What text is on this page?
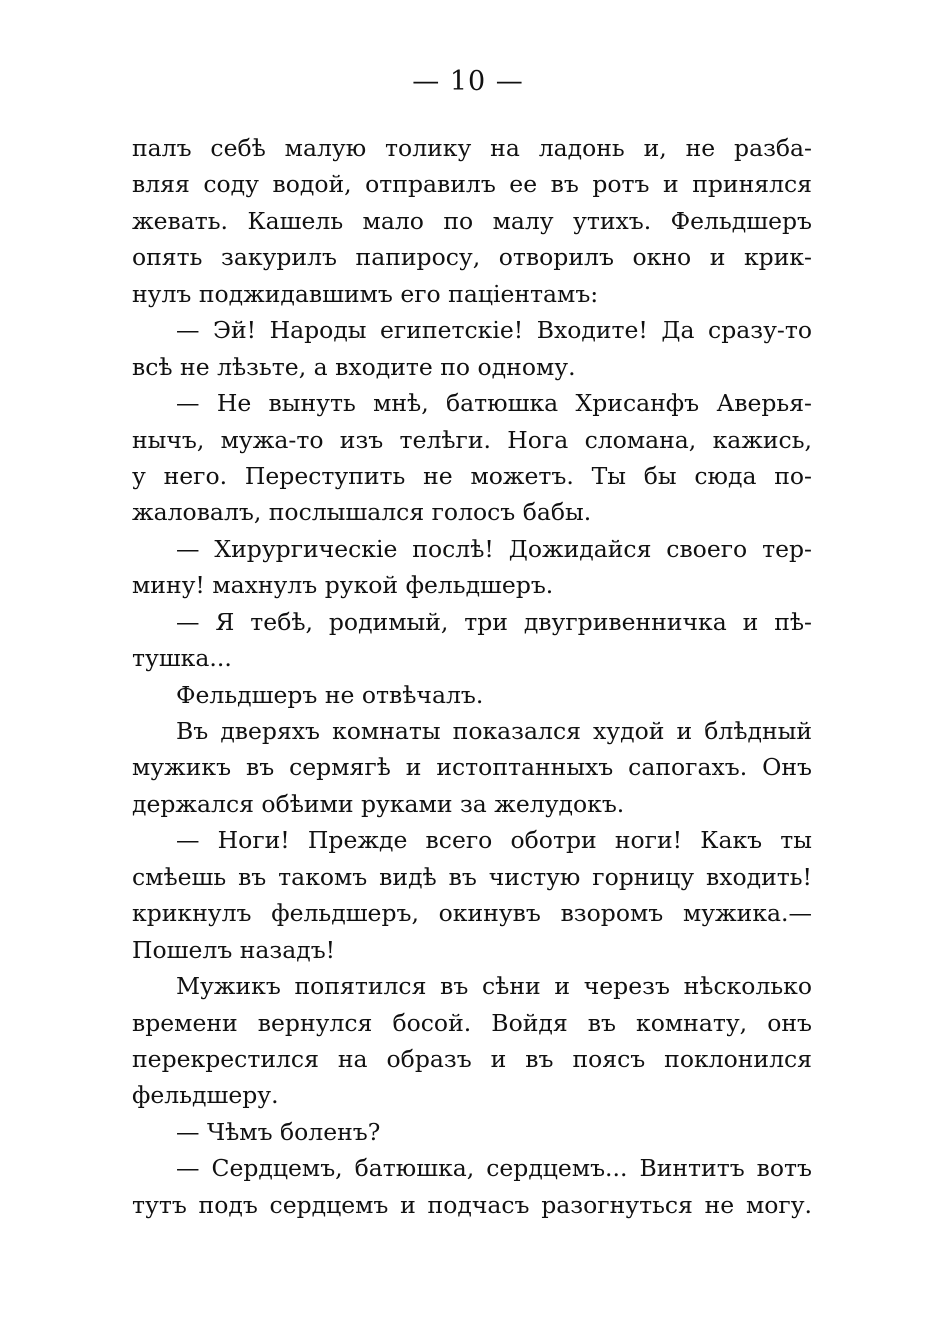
— 10 —
палъ себѣ малую толику на ладонь и, не разба-
вляя соду водой, отправилъ ее въ ротъ и принялся
жевать. Кашель мало по малу утихъ. Фельдшеръ
опять закурилъ папиросу, отворилъ окно и крик-
нулъ поджидавшимъ его паціентамъ:
— Эй! Народы египетскіе! Входите! Да сразу-то
всѣ не лѣзьте, а входите по одному.
— Не вынуть мнѣ, батюшка Хрисанфъ Аверья-
нычъ, мужа-то изъ телѣги. Нога сломана, кажись,
у него. Переступить не можетъ. Ты бы сюда по-
жаловалъ, послышался голосъ бабы.
— Хирургическіе послѣ! Дожидайся своего тер-
мину! махнулъ рукой фельдшеръ.
— Я тебѣ, родимый, три двугривенничка и пѣ-
тушка...
Фельдшеръ не отвѣчалъ.
Въ дверяхъ комнаты показался худой и блѣдный
мужикъ въ сермягѣ и истоптанныхъ сапогахъ. Онъ
держался обѣими руками за желудокъ.
— Ноги! Прежде всего оботри ноги! Какъ ты
смѣешь въ такомъ видѣ въ чистую горницу входить!
крикнулъ фельдшеръ, окинувъ взоромъ мужика.—
Пошелъ назадъ!
Мужикъ попятился въ сѣни и черезъ нѣсколько
времени вернулся босой. Войдя въ комнату, онъ
перекрестился на образъ и въ поясъ поклонился
фельдшеру.
— Чѣмъ боленъ?
— Сердцемъ, батюшка, сердцемъ... Винтитъ вотъ
тутъ подъ сердцемъ и подчасъ разогнуться не могу.
